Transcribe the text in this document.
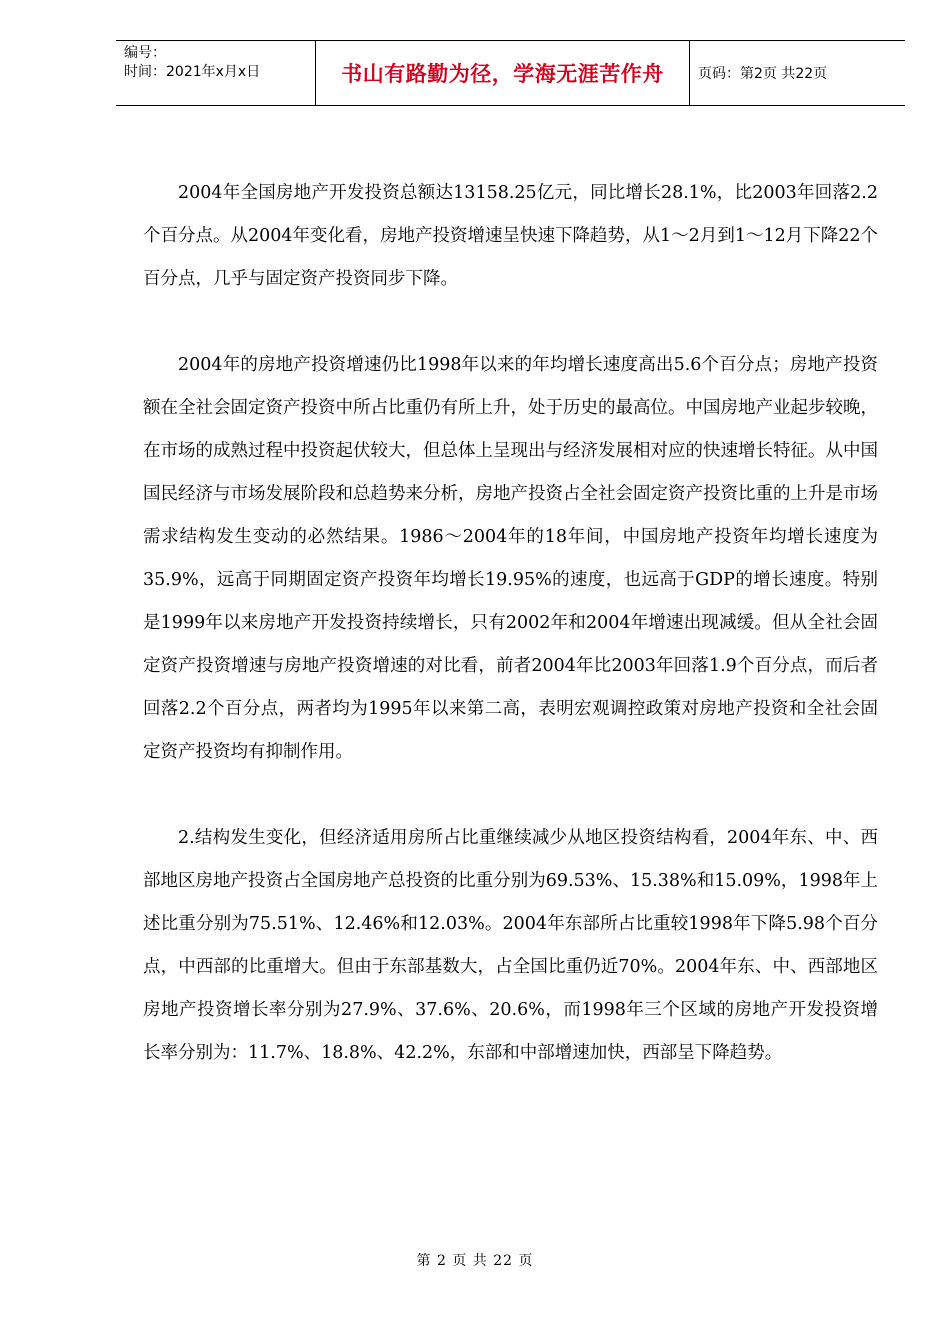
编号：
时间：2021年x月x日	书山有路勤为径，学海无涯苦作舟	页码：第2页 共22页

2004年全国房地产开发投资总额达13158.25亿元，同比增长28.1%，比2003年回落2.2个百分点。从2004年变化看，房地产投资增速呈快速下降趋势，从1～2月到1～12月下降22个百分点，几乎与固定资产投资同步下降。

2004年的房地产投资增速仍比1998年以来的年均增长速度高出5.6个百分点；房地产投资额在全社会固定资产投资中所占比重仍有所上升，处于历史的最高位。中国房地产业起步较晚，在市场的成熟过程中投资起伏较大，但总体上呈现出与经济发展相对应的快速增长特征。从中国国民经济与市场发展阶段和总趋势来分析，房地产投资占全社会固定资产投资比重的上升是市场需求结构发生变动的必然结果。1986～2004年的18年间，中国房地产投资年均增长速度为35.9%，远高于同期固定资产投资年均增长19.95%的速度，也远高于GDP的增长速度。特别是1999年以来房地产开发投资持续增长，只有2002年和2004年增速出现减缓。但从全社会固定资产投资增速与房地产投资增速的对比看，前者2004年比2003年回落1.9个百分点，而后者回落2.2个百分点，两者均为1995年以来第二高，表明宏观调控政策对房地产投资和全社会固定资产投资均有抑制作用。

2.结构发生变化，但经济适用房所占比重继续减少从地区投资结构看，2004年东、中、西部地区房地产投资占全国房地产总投资的比重分别为69.53%、15.38%和15.09%，1998年上述比重分别为75.51%、12.46%和12.03%。2004年东部所占比重较1998年下降5.98个百分点，中西部的比重增大。但由于东部基数大，占全国比重仍近70%。2004年东、中、西部地区房地产投资增长率分别为27.9%、37.6%、20.6%，而1998年三个区域的房地产开发投资增长率分别为：11.7%、18.8%、42.2%，东部和中部增速加快，西部呈下降趋势。

第 2 页 共 22 页
